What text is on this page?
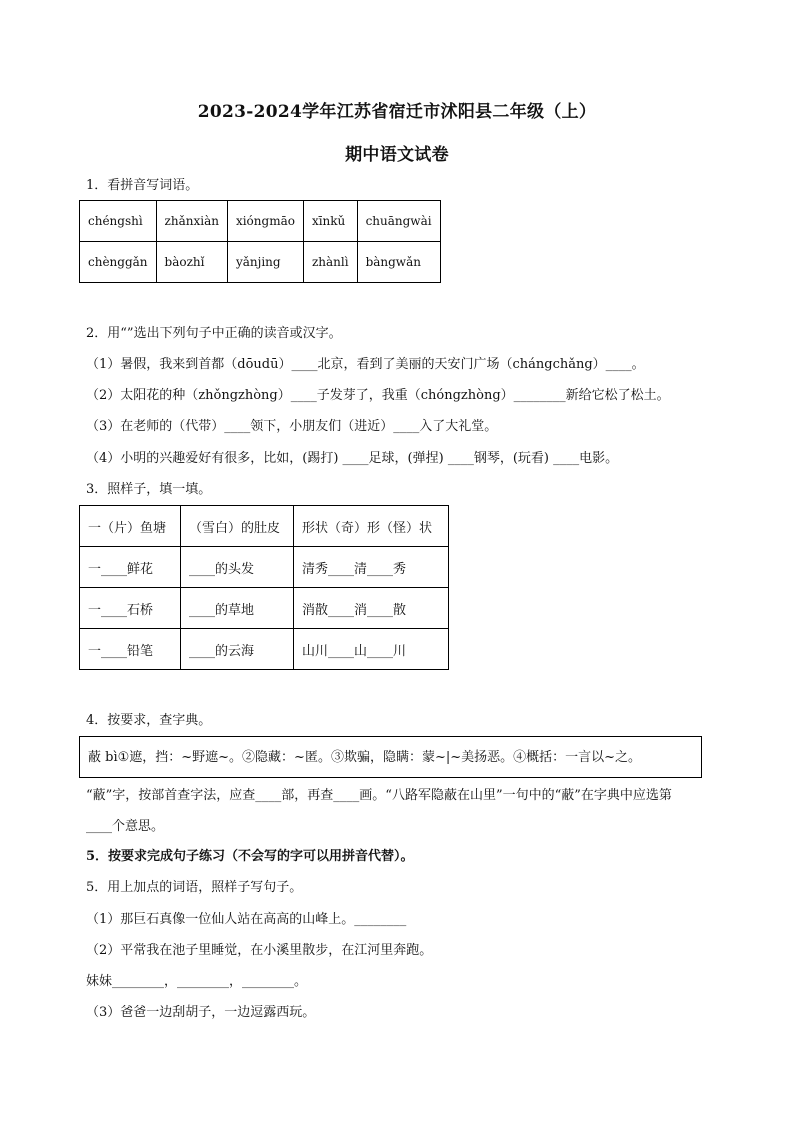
2023-2024学年江苏省宿迁市沭阳县二年级（上）
期中语文试卷
1．看拼音写词语。
chéngshì	zhǎnxiàn	xióngmāo	xīnkǔ	chuāngwài
chènggǎn	bàozhǐ	yǎnjing	zhànlì	bàngwǎn
2．用“”选出下列句子中正确的读音或汉字。
（1）暑假，我来到首都（dōudū）____北京，看到了美丽的天安门广场（chángchǎng）____。
（2）太阳花的种（zhǒngzhòng）____子发芽了，我重（chóngzhòng）________新给它松了松土。
（3）在老师的（代带）____领下，小朋友们（进近）____入了大礼堂。
（4）小明的兴趣爱好有很多，比如，(踢打) ____足球，(弹捏) ____钢琴，(玩看) ____电影。
3．照样子，填一填。
一（片）鱼塘	（雪白）的肚皮	形状（奇）形（怪）状
一____鲜花	____的头发	清秀____清____秀
一____石桥	____的草地	消散____消____散
一____铅笔	____的云海	山川____山____川
4．按要求，查字典。
蔽 bì①遮，挡：~野遮~。②隐藏：~匿。③欺骗，隐瞒：蒙~|~美扬恶。④概括：一言以~之。
“蔽”字，按部首查字法，应查____部，再查____画。“八路军隐蔽在山里”一句中的“蔽”在字典中应选第
____个意思。
5．按要求完成句子练习（不会写的字可以用拼音代替）。
5．用上加点的词语，照样子写句子。
（1）那巨石真像一位仙人站在高高的山峰上。________
（2）平常我在池子里睡觉，在小溪里散步，在江河里奔跑。
妹妹________，________，________。
（3）爸爸一边刮胡子，一边逗露西玩。
